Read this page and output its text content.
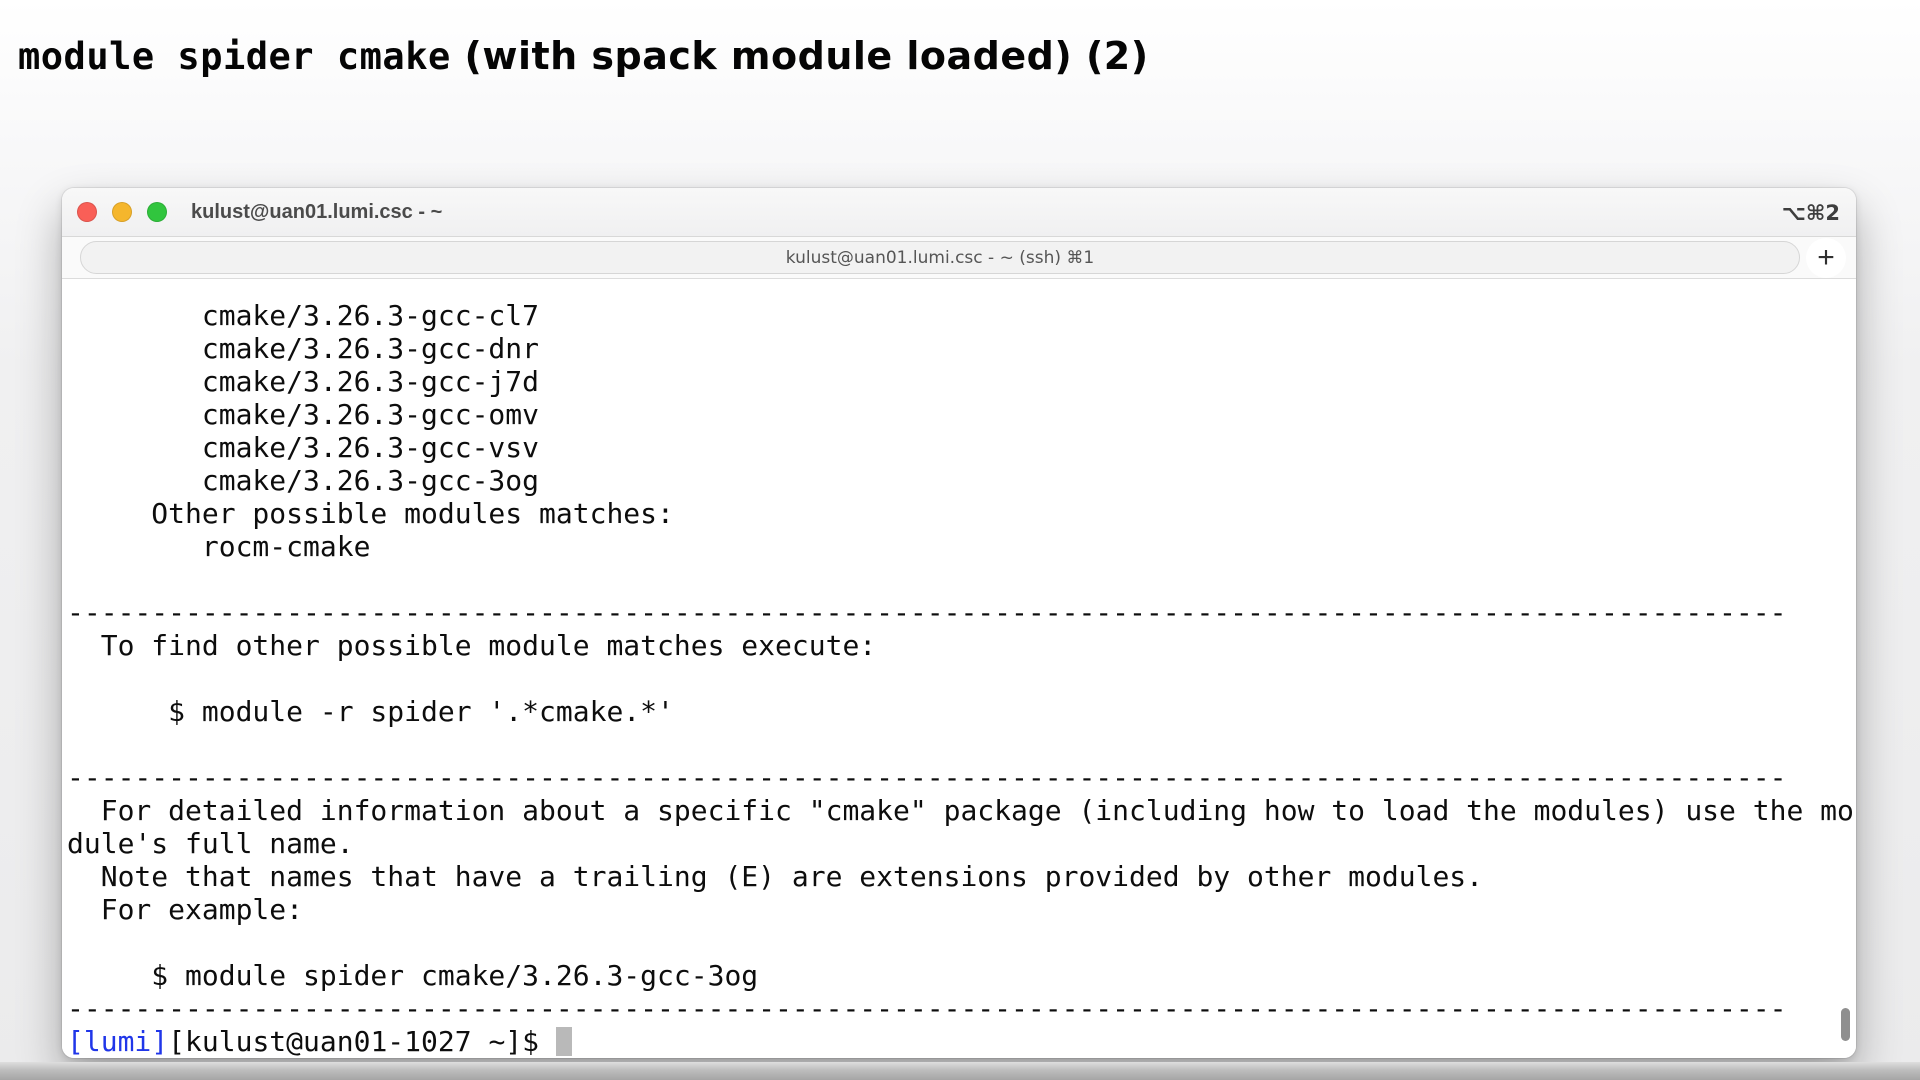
module spider cmake (with spack module loaded) (2)
kulust@uan01.lumi.csc - ~	⌥⌘2
kulust@uan01.lumi.csc - ~ (ssh) ⌘1	+
cmake/3.26.3-gcc-cl7
cmake/3.26.3-gcc-dnr
cmake/3.26.3-gcc-j7d
cmake/3.26.3-gcc-omv
cmake/3.26.3-gcc-vsv
cmake/3.26.3-gcc-3og
Other possible modules matches:
rocm-cmake
------------------------------------------------------------------------------------------------------
To find other possible module matches execute:
$ module -r spider '.*cmake.*'
------------------------------------------------------------------------------------------------------
For detailed information about a specific "cmake" package (including how to load the modules) use the mo
dule's full name.
Note that names that have a trailing (E) are extensions provided by other modules.
For example:
$ module spider cmake/3.26.3-gcc-3og
------------------------------------------------------------------------------------------------------
[lumi][kulust@uan01-1027 ~]$
